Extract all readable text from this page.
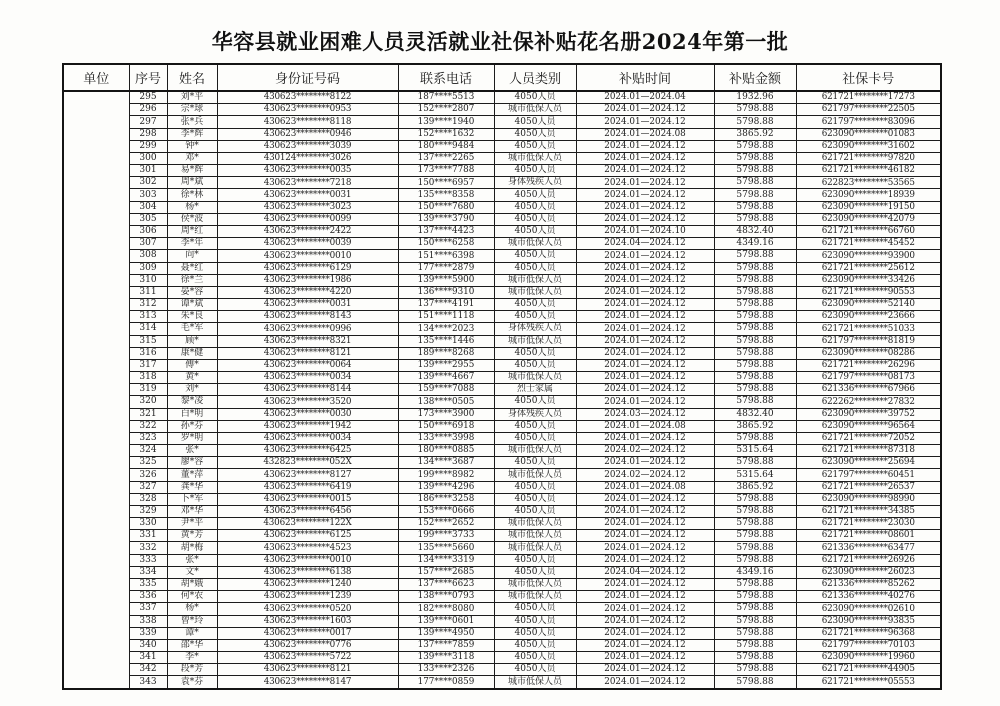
华容县就业困难人员灵活就业社保补贴花名册2024年第一批
单位	序号	姓名	身份证号码	联系电话	人员类别	补贴时间	补贴金额	社保卡号
	295	刘*平	430623********8122	187****5513	4050人员	2024.01—2024.04	1932.96	621721********17273
	296	宗*球	430623********0953	152****2807	城市低保人员	2024.01—2024.12	5798.88	621797********22505
	297	张*兵	430623********8118	139****1940	4050人员	2024.01—2024.12	5798.88	621797********83096
	298	李*辉	430623********0946	152****1632	4050人员	2024.01—2024.08	3865.92	623090********01083
	299	钟*	430623********3039	180****9484	4050人员	2024.01—2024.12	5798.88	623090********31602
	300	邓*	430124********3026	137****2265	城市低保人员	2024.01—2024.12	5798.88	621721********97820
	301	易*辉	430623********0035	173****7788	4050人员	2024.01—2024.12	5798.88	621721********46182
	302	周*斌	430623********7218	150****6957	身体残疾人员	2024.01—2024.12	5798.88	622823********53565
	303	徐*林	430623********0031	135****8358	4050人员	2024.01—2024.12	5798.88	623090********18939
	304	杨*	430623********3023	150****7680	4050人员	2024.01—2024.12	5798.88	623090********19150
	305	侯*波	430623********0099	139****3790	4050人员	2024.01—2024.12	5798.88	623090********42079
	306	周*红	430623********2422	137****4423	4050人员	2024.01—2024.10	4832.40	621721********66760
	307	李*年	430623********0039	150****6258	城市低保人员	2024.04—2024.12	4349.16	621721********45452
	308	向*	430623********0010	151****6398	4050人员	2024.01—2024.12	5798.88	623090********93900
	309	聂*红	430623********6129	177****2879	4050人员	2024.01—2024.12	5798.88	621721********25612
	310	徐*兰	430623********1986	139****5900	城市低保人员	2024.01—2024.12	5798.88	623090********33426
	311	晏*容	430623********4220	136****9310	城市低保人员	2024.01—2024.12	5798.88	621721********90553
	312	谭*斌	430623********0031	137****4191	4050人员	2024.01—2024.12	5798.88	623090********52140
	313	朱*良	430623********8143	151****1118	4050人员	2024.01—2024.12	5798.88	623090********23666
	314	毛*军	430623********0996	134****2023	身体残疾人员	2024.01—2024.12	5798.88	621721********51033
	315	顾*	430623********8321	135****1446	城市低保人员	2024.01—2024.12	5798.88	621797********81819
	316	康*健	430623********8121	189****8268	4050人员	2024.01—2024.12	5798.88	623090********08286
	317	傅*	430623********0064	139****2955	4050人员	2024.01—2024.12	5798.88	621721********26296
	318	黄*	430623********0034	139****4667	城市低保人员	2024.01—2024.12	5798.88	621797********08173
	319	刘*	430623********8144	159****7088	烈士家属	2024.01—2024.12	5798.88	621336********67966
	320	黎*凌	430623********3520	138****0505	4050人员	2024.01—2024.12	5798.88	622262********27832
	321	白*明	430623********0030	173****3900	身体残疾人员	2024.03—2024.12	4832.40	623090********39752
	322	孙*芬	430623********1942	150****6918	4050人员	2024.01—2024.08	3865.92	623090********96564
	323	罗*明	430623********0034	133****3998	4050人员	2024.01—2024.12	5798.88	621721********72052
	324	张*	430623********6425	180****0885	城市低保人员	2024.02—2024.12	5315.64	621721********87318
	325	廖*容	432823********052X	134****3687	4050人员	2024.01—2024.12	5798.88	623090********25694
	326	董*萍	430623********8127	199****8982	城市低保人员	2024.02—2024.12	5315.64	621797********60451
	327	龚*华	430623********6419	139****4296	4050人员	2024.01—2024.08	3865.92	621721********26537
	328	卜*军	430623********0015	186****3258	4050人员	2024.01—2024.12	5798.88	623090********98990
	329	邓*华	430623********6456	153****0666	4050人员	2024.01—2024.12	5798.88	621721********34385
	330	尹*平	430623********122X	152****2652	城市低保人员	2024.01—2024.12	5798.88	621721********23030
	331	黄*芳	430623********6125	199****3733	城市低保人员	2024.01—2024.12	5798.88	621721********08601
	332	胡*梅	430623********4523	135****5660	城市低保人员	2024.01—2024.12	5798.88	621336********63477
	333	张*	430623********0010	134****3319	4050人员	2024.01—2024.12	5798.88	621721********26926
	334	文*	430623********6138	157****2685	4050人员	2024.04—2024.12	4349.16	623090********26023
	335	胡*娥	430623********1240	137****6623	城市低保人员	2024.01—2024.12	5798.88	621336********85262
	336	何*农	430623********1239	138****0793	城市低保人员	2024.01—2024.12	5798.88	621336********40276
	337	杨*	430623********0520	182****8080	4050人员	2024.01—2024.12	5798.88	623090********02610
	338	曾*玲	430623********1603	139****0601	4050人员	2024.01—2024.12	5798.88	623090********93835
	339	谭*	430623********0017	139****4950	4050人员	2024.01—2024.12	5798.88	621721********96368
	340	邵*华	430623********0776	137****7859	4050人员	2024.01—2024.12	5798.88	621797********70103
	341	李*	430623********5722	139****3118	4050人员	2024.01—2024.12	5798.88	623090********19960
	342	段*芳	430623********8121	133****2326	4050人员	2024.01—2024.12	5798.88	621721********44905
	343	袁*芬	430623********8147	177****0859	城市低保人员	2024.01—2024.12	5798.88	621721********05553
